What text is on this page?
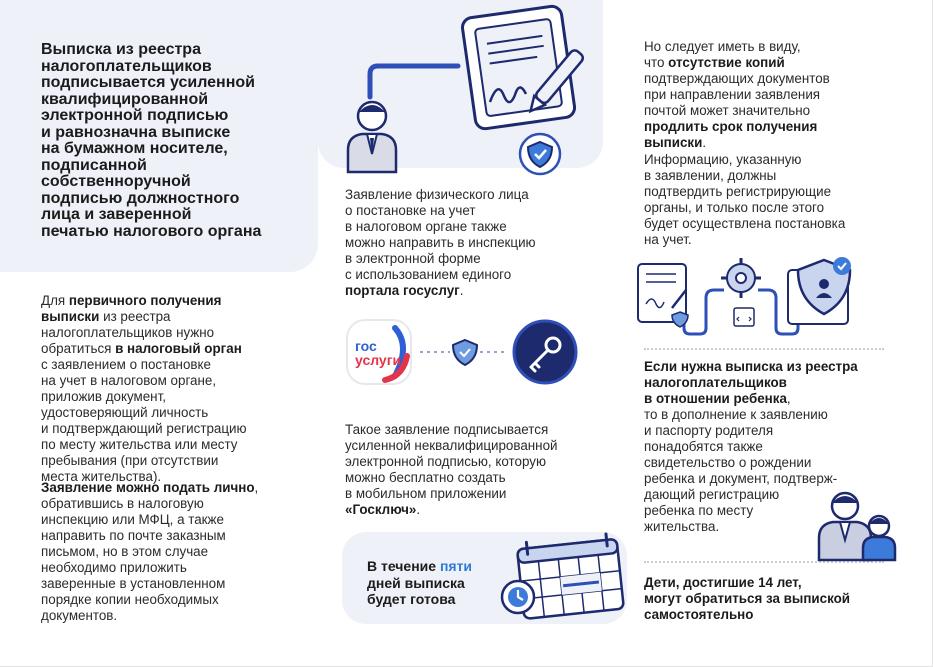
Выписка из реестра
налогоплательщиков
подписывается усиленной
квалифицированной
электронной подписью
и равнозначна выписке
на бумажном носителе,
подписанной
собственноручной
подписью должностного
лица и заверенной
печатью налогового органа
Для первичного получения
выписки из реестра
налогоплательщиков нужно
обратиться в налоговый орган
с заявлением о постановке
на учет в налоговом органе,
приложив документ,
удостоверяющий личность
и подтверждающий регистрацию
по месту жительства или месту
пребывания (при отсутствии
места жительства).
Заявление можно подать лично,
обратившись в налоговую
инспекцию или МФЦ, а также
направить по почте заказным
письмом, но в этом случае
необходимо приложить
заверенные в установленном
порядке копии необходимых
документов.
Заявление физического лица
о постановке на учет
в налоговом органе также
можно направить в инспекцию
в электронной форме
с использованием единого
портала госуслуг.
Такое заявление подписывается
усиленной неквалифицированной
электронной подписью, которую
можно бесплатно создать
в мобильном приложении
«Госключ».
В течение пяти
дней выписка
будет готова
Но следует иметь в виду,
что отсутствие копий
подтверждающих документов
при направлении заявления
почтой может значительно
продлить срок получения
выписки.
Информацию, указанную
в заявлении, должны
подтвердить регистрирующие
органы, и только после этого
будет осуществлена постановка
на учет.
Если нужна выписка из реестра
налогоплательщиков
в отношении ребенка,
то в дополнение к заявлению
и паспорту родителя
понадобятся также
свидетельство о рождении
ребенка и документ, подтверж-
дающий регистрацию
ребенка по месту
жительства.
Дети, достигшие 14 лет,
могут обратиться за выпиской
самостоятельно
гос
услуги
